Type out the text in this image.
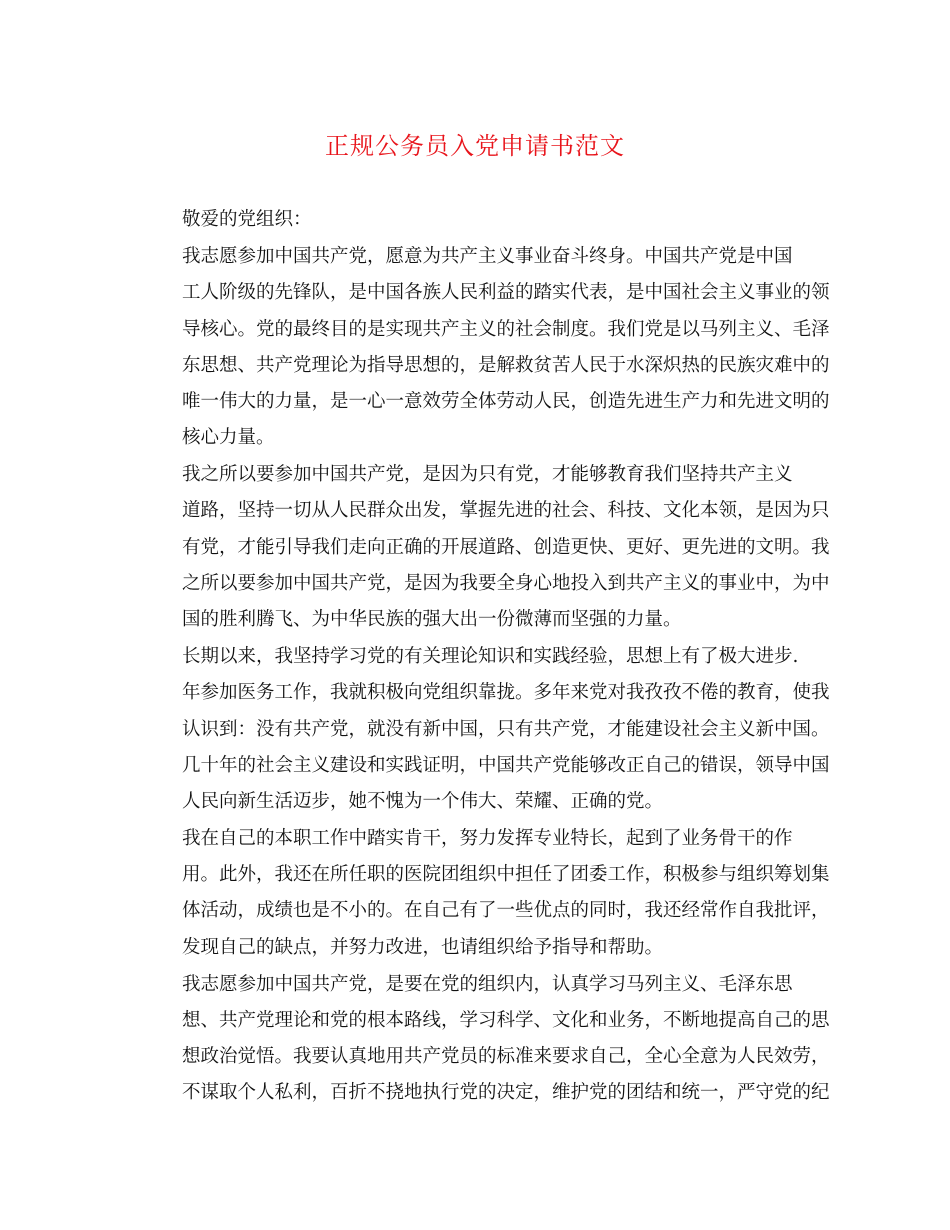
正规公务员入党申请书范文

敬爱的党组织：

我志愿参加中国共产党，愿意为共产主义事业奋斗终身。中国共产党是中国
工人阶级的先锋队，是中国各族人民利益的踏实代表，是中国社会主义事业的领
导核心。党的最终目的是实现共产主义的社会制度。我们党是以马列主义、毛泽
东思想、共产党理论为指导思想的，是解救贫苦人民于水深炽热的民族灾难中的
唯一伟大的力量，是一心一意效劳全体劳动人民，创造先进生产力和先进文明的
核心力量。

我之所以要参加中国共产党，是因为只有党，才能够教育我们坚持共产主义
道路，坚持一切从人民群众出发，掌握先进的社会、科技、文化本领，是因为只
有党，才能引导我们走向正确的开展道路、创造更快、更好、更先进的文明。我
之所以要参加中国共产党，是因为我要全身心地投入到共产主义的事业中，为中
国的胜利腾飞、为中华民族的强大出一份微薄而坚强的力量。

长期以来，我坚持学习党的有关理论知识和实践经验，思想上有了极大进步.
年参加医务工作，我就积极向党组织靠拢。多年来党对我孜孜不倦的教育，使我
认识到：没有共产党，就没有新中国，只有共产党，才能建设社会主义新中国。
几十年的社会主义建设和实践证明，中国共产党能够改正自己的错误，领导中国
人民向新生活迈步，她不愧为一个伟大、荣耀、正确的党。

我在自己的本职工作中踏实肯干，努力发挥专业特长，起到了业务骨干的作
用。此外，我还在所任职的医院团组织中担任了团委工作，积极参与组织筹划集
体活动，成绩也是不小的。在自己有了一些优点的同时，我还经常作自我批评，
发现自己的缺点，并努力改进，也请组织给予指导和帮助。

我志愿参加中国共产党，是要在党的组织内，认真学习马列主义、毛泽东思
想、共产党理论和党的根本路线，学习科学、文化和业务，不断地提高自己的思
想政治觉悟。我要认真地用共产党员的标准来要求自己，全心全意为人民效劳，
不谋取个人私利，百折不挠地执行党的决定，维护党的团结和统一，严守党的纪
